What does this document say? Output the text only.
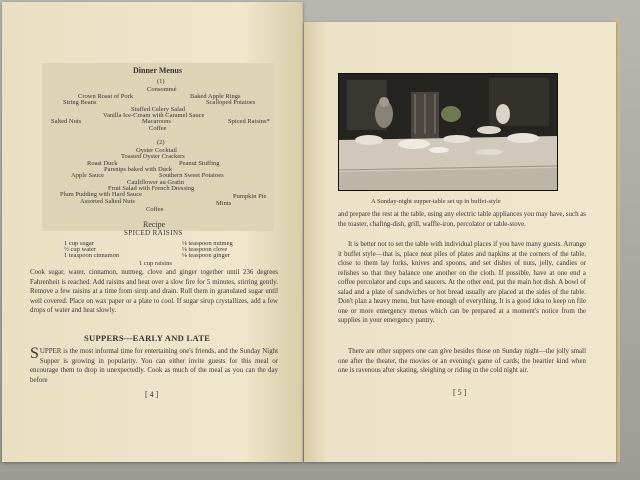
Dinner Menus
(1)
Consommé
Crown Roast of Pork	Baked Apple Rings
String Beans	Scalloped Potatoes
Stuffed Celery Salad
Vanilla Ice-Cream with Caramel Sauce
Salted Nuts	Macaroons	Spiced Raisins*
Coffee
(2)
Oyster Cocktail
Toasted Oyster Crackers
Roast Duck	Peanut Stuffing
Parsnips baked with Duck
Apple Sauce	Southern Sweet Potatoes
Cauliflower au Gratin
Fruit Salad with French Dressing
Plum Pudding with Hard Sauce	Pumpkin Pie
Assorted Salted Nuts	Mints
Coffee
Recipe
SPICED RAISINS
1 cup sugar
½ cup water
1 teaspoon cinnamon
⅛ teaspoon nutmeg
⅛ teaspoon clove
⅛ teaspoon ginger
1 cup raisins
Cook sugar, water, cinnamon, nutmeg, clove and ginger together until 236 degrees Fahrenheit is reached. Add raisins and heat over a slow fire for 5 minutes, stirring gently. Remove a few raisins at a time from sirup and drain. Roll them in granulated sugar until well covered. Place on wax paper or a plate to cool. If sugar sirup crystallizes, add a few drops of water and heat slowly.
SUPPERS—EARLY AND LATE
SUPPER is the most informal time for entertaining one's friends, and the Sunday Night Supper is growing in popularity. You can either invite guests for this meal or encourage them to drop in unexpectedly. Cook as much of the meal as you can the day before
[ 4 ]
A Sunday-night supper-table set up in buffet-style
and prepare the rest at the table, using any electric table appliances you may have, such as the toaster, chafing-dish, grill, waffle-iron, percolator or table-stove.
It is better not to set the table with individual places if you have many guests. Arrange it buffet style—that is, place neat piles of plates and napkins at the corners of the table, close to them lay forks, knives and spoons, and set dishes of nuts, jelly, candies or relishes so that they balance one another on the cloth. If possible, have at one end a coffee percolator and cups and saucers. At the other end, put the main hot dish. A bowl of salad and a plate of sandwiches or hot bread usually are placed at the sides of the table. Don't plan a heavy menu, but have enough of everything. It is a good idea to keep on file one or more emergency menus which can be prepared at a moment's notice from the supplies in your emergency pantry.
There are other suppers one can give besides those on Sunday night—the jolly small one after the theater, the movies or an evening's game of cards; the heartier kind when one is ravenous after skating, sleighing or riding in the cold night air.
[ 5 ]
